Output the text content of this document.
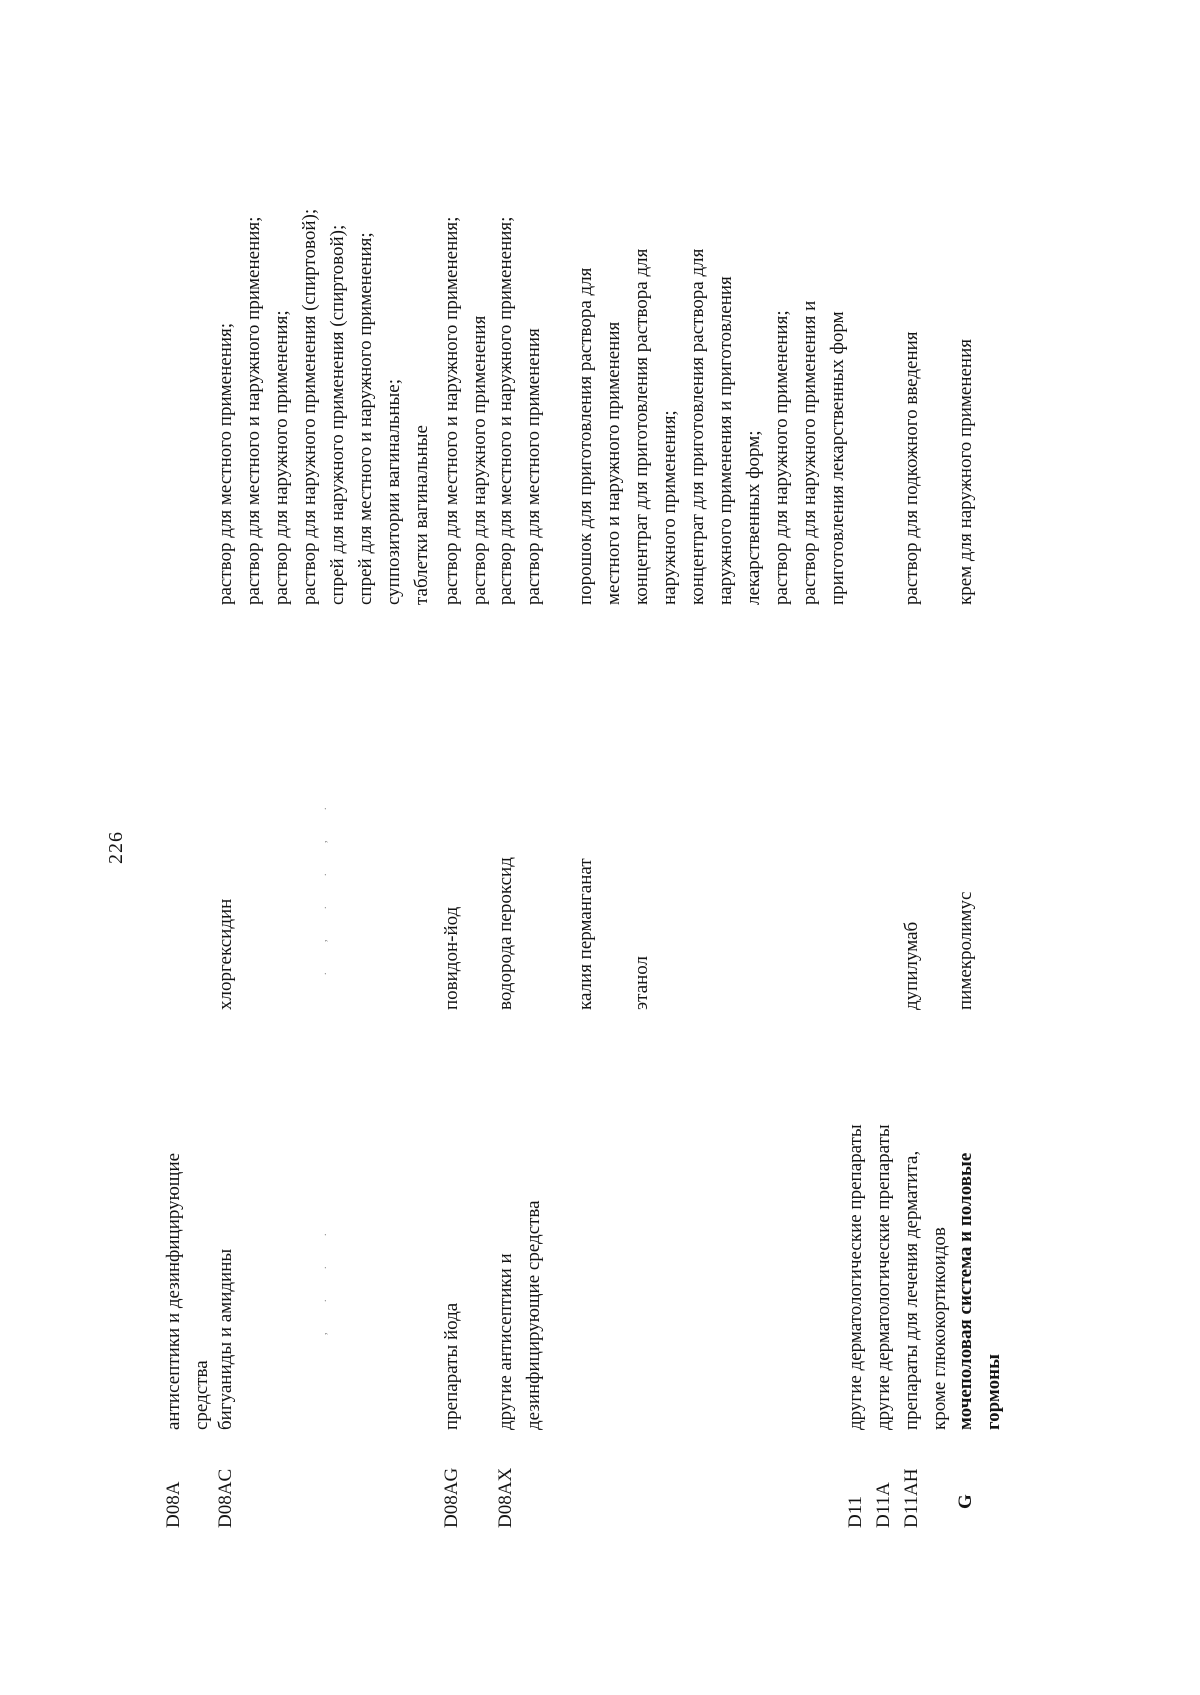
226
, . . .
. , . . , .
D08A
антисептики и дезинфицирующие
средства
D08AC
бигуаниды и амидины
хлоргексидин
раствор для местного применения;
раствор для местного и наружного применения;
раствор для наружного применения;
раствор для наружного применения (спиртовой);
спрей для наружного применения (спиртовой);
спрей для местного и наружного применения;
суппозитории вагинальные;
таблетки вагинальные
D08AG
препараты йода
повидон-йод
раствор для местного и наружного применения;
раствор для наружного применения
D08AX
другие антисептики и
дезинфицирующие средства
водорода пероксид
раствор для местного и наружного применения;
раствор для местного применения
калия перманганат
порошок для приготовления раствора для
местного и наружного применения
этанол
концентрат для приготовления раствора для
наружного применения;
концентрат для приготовления раствора для
наружного применения и приготовления
лекарственных форм;
раствор для наружного применения;
раствор для наружного применения и
приготовления лекарственных форм
D11
D11A
D11AH
другие дерматологические препараты
другие дерматологические препараты
препараты для лечения дерматита,
кроме глюкокортикоидов
дупилумаб
раствор для подкожного введения
пимекролимус
крем для наружного применения
G
мочеполовая система и половые
гормоны
